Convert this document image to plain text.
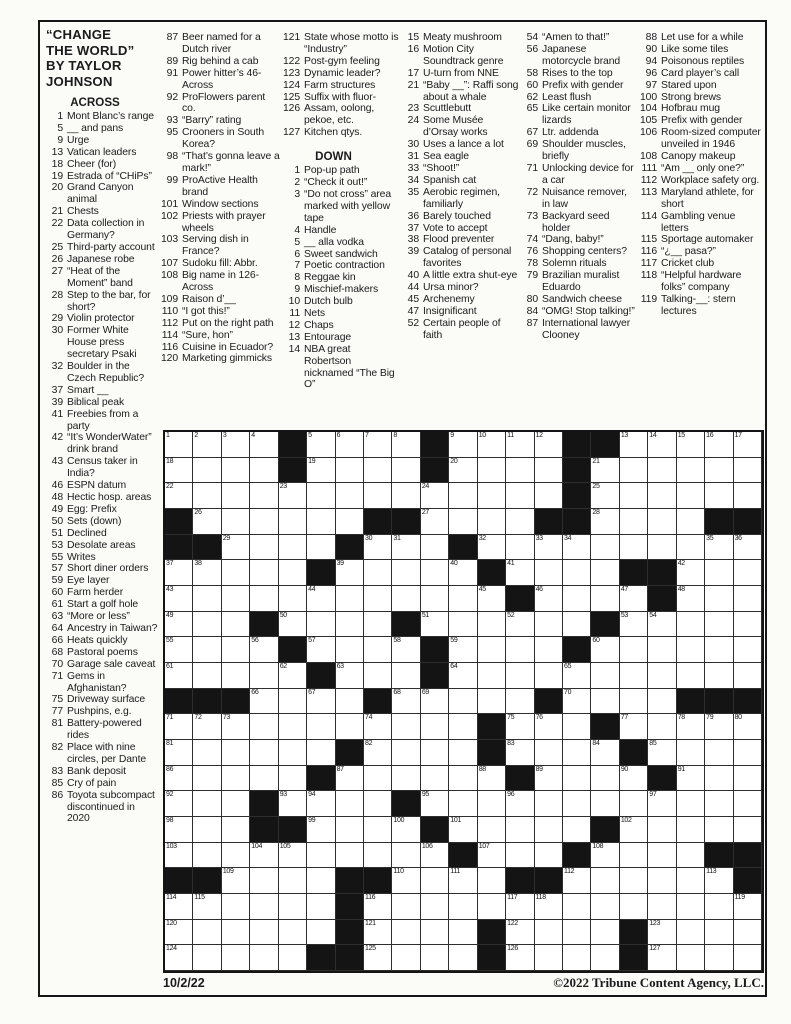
“CHANGE
THE WORLD”
BY TAYLOR
JOHNSON
ACROSS
1 Mont Blanc’s range
5 __ and pans
9 Urge
13 Vatican leaders
18 Cheer (for)
19 Estrada of “CHiPs”
20 Grand Canyon animal
21 Chests
22 Data collection in Germany?
25 Third-party account
26 Japanese robe
27 “Heat of the Moment” band
28 Step to the bar, for short?
29 Violin protector
30 Former White House press secretary Psaki
32 Boulder in the Czech Republic?
37 Smart __
39 Biblical peak
41 Freebies from a party
42 “It’s WonderWater” drink brand
43 Census taker in India?
46 ESPN datum
48 Hectic hosp. areas
49 Egg: Prefix
50 Sets (down)
51 Declined
53 Desolate areas
55 Writes
57 Short diner orders
59 Eye layer
60 Farm herder
61 Start a golf hole
63 “More or less”
64 Ancestry in Taiwan?
66 Heats quickly
68 Pastoral poems
70 Garage sale caveat
71 Gems in Afghanistan?
75 Driveway surface
77 Pushpins, e.g.
81 Battery-powered rides
82 Place with nine circles, per Dante
83 Bank deposit
85 Cry of pain
86 Toyota subcompact discontinued in 2020
87 Beer named for a Dutch river
89 Rig behind a cab
91 Power hitter’s 46-Across
92 ProFlowers parent co.
93 “Barry” rating
95 Crooners in South Korea?
98 “That’s gonna leave a mark!”
99 ProActive Health brand
101 Window sections
102 Priests with prayer wheels
103 Serving dish in France?
107 Sudoku fill: Abbr.
108 Big name in 126-Across
109 Raison d’__
110 “I got this!”
112 Put on the right path
114 “Sure, hon”
116 Cuisine in Ecuador?
120 Marketing gimmicks
121 State whose motto is “Industry”
122 Post-gym feeling
123 Dynamic leader?
124 Farm structures
125 Suffix with fluor-
126 Assam, oolong, pekoe, etc.
127 Kitchen qtys.
DOWN
1 Pop-up path
2 “Check it out!”
3 “Do not cross” area marked with yellow tape
4 Handle
5 __ alla vodka
6 Sweet sandwich
7 Poetic contraction
8 Reggae kin
9 Mischief-makers
10 Dutch bulb
11 Nets
12 Chaps
13 Entourage
14 NBA great Robertson nicknamed “The Big O”
15 Meaty mushroom
16 Motion City Soundtrack genre
17 U-turn from NNE
21 “Baby __”: Raffi song about a whale
23 Scuttlebutt
24 Some Musée d’Orsay works
30 Uses a lance a lot
31 Sea eagle
33 “Shoot!”
34 Spanish cat
35 Aerobic regimen, familiarly
36 Barely touched
37 Vote to accept
38 Flood preventer
39 Catalog of personal favorites
40 A little extra shut-eye
44 Ursa minor?
45 Archenemy
47 Insignificant
52 Certain people of faith
54 “Amen to that!”
56 Japanese motorcycle brand
58 Rises to the top
60 Prefix with gender
62 Least flush
65 Like certain monitor lizards
67 Ltr. addenda
69 Shoulder muscles, briefly
71 Unlocking device for a car
72 Nuisance remover, in law
73 Backyard seed holder
74 “Dang, baby!”
76 Shopping centers?
78 Solemn rituals
79 Brazilian muralist Eduardo
80 Sandwich cheese
84 “OMG! Stop talking!”
87 International lawyer Clooney
88 Let use for a while
90 Like some tiles
94 Poisonous reptiles
96 Card player’s call
97 Stared upon
100 Strong brews
104 Hofbrau mug
105 Prefix with gender
106 Room-sized computer unveiled in 1946
108 Canopy makeup
111 “Am __ only one?”
112 Workplace safety org.
113 Maryland athlete, for short
114 Gambling venue letters
115 Sportage automaker
116 “¿__ pasa?”
117 Cricket club
118 “Helpful hardware folks” company
119 Talking-__: stern lectures
1	2	3	4	5	6	7	8	9	10	11	12	13	14	15	16	17
18	19	20	21
22	23	24	25
26	27	28
29	30	31	32	33	34	35	36
37	38	39	40	41	42
43	44	45	46	47	48
49	50	51	52	53	54
55	56	57	58	59	60
61	62	63	64	65
66	67	68	69	70
71	72	73	74	75	76	77	78	79	80
81	82	83	84	85
86	87	88	89	90	91
92	93	94	95	96	97
98	99	100	101	102
103	104	105	106	107	108
109	110	111	112	113
114	115	116	117	118	119
120	121	122	123
124	125	126	127
10/2/22	©2022 Tribune Content Agency, LLC.
